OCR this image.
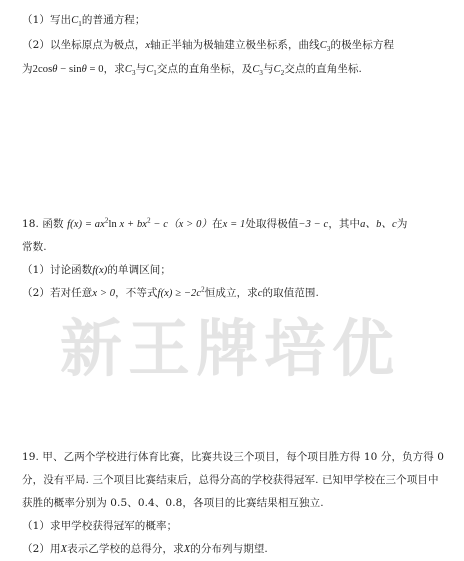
新王牌培优
（1）写出$C_1$的普通方程；
（2）以坐标原点为极点，x轴正半轴为极轴建立极坐标系，曲线$C_3$的极坐标方程
为2cosθ − sinθ = 0，求$C_3$与$C_1$交点的直角坐标，及$C_3$与$C_2$交点的直角坐标.
18. 函数 $f(x) = ax^2\ln$ $x + bx^2 - c(x > 0)$在x = 1处取得极值−3 − c，其中a、b、c为
常数.
（1）讨论函数f(x)的单调区间；
（2）若对任意x > 0，不等式$f(x) \ge -2c^2$恒成立，求c的取值范围.
19. 甲、乙两个学校进行体育比赛，比赛共设三个项目，每个项目胜方得 10 分，负方得 0
分，没有平局. 三个项目比赛结束后，总得分高的学校获得冠军. 已知甲学校在三个项目中
获胜的概率分别为 0.5、0.4、0.8，各项目的比赛结果相互独立.
（1）求甲学校获得冠军的概率；
（2）用X表示乙学校的总得分，求X的分布列与期望.
